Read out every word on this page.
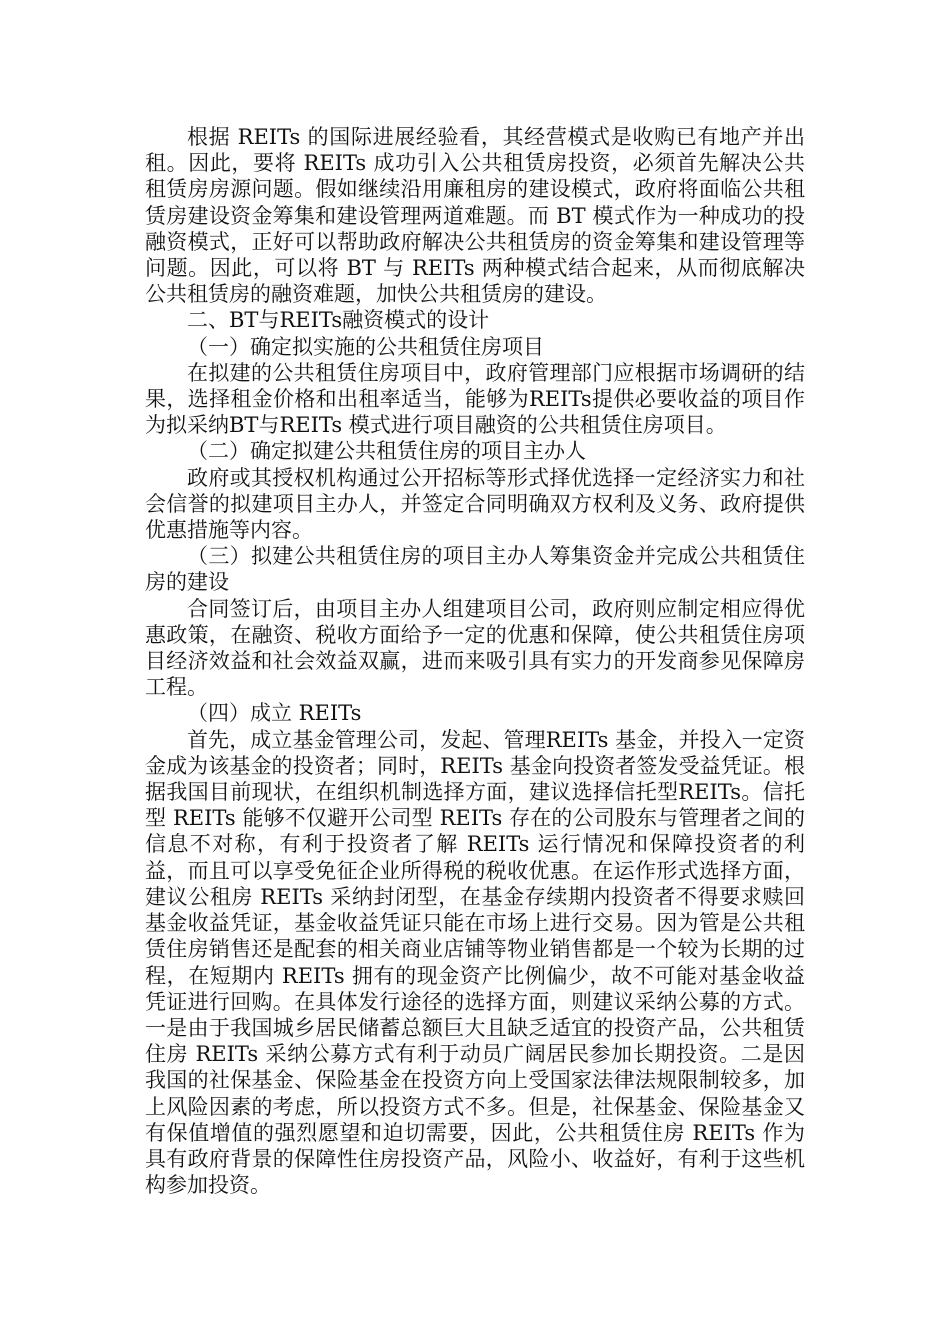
根据 REITs 的国际进展经验看，其经营模式是收购已有地产并出租。因此，要将 REITs 成功引入公共租赁房投资，必须首先解决公共租赁房房源问题。假如继续沿用廉租房的建设模式，政府将面临公共租赁房建设资金筹集和建设管理两道难题。而 BT 模式作为一种成功的投融资模式，正好可以帮助政府解决公共租赁房的资金筹集和建设管理等问题。因此，可以将 BT 与 REITs 两种模式结合起来，从而彻底解决公共租赁房的融资难题，加快公共租赁房的建设。

二、BT与REITs融资模式的设计

（一）确定拟实施的公共租赁住房项目

在拟建的公共租赁住房项目中，政府管理部门应根据市场调研的结果，选择租金价格和出租率适当，能够为REITs提供必要收益的项目作为拟采纳BT与REITs 模式进行项目融资的公共租赁住房项目。

（二）确定拟建公共租赁住房的项目主办人

政府或其授权机构通过公开招标等形式择优选择一定经济实力和社会信誉的拟建项目主办人，并签定合同明确双方权利及义务、政府提供优惠措施等内容。

（三）拟建公共租赁住房的项目主办人筹集资金并完成公共租赁住房的建设

合同签订后，由项目主办人组建项目公司，政府则应制定相应得优惠政策，在融资、税收方面给予一定的优惠和保障，使公共租赁住房项目经济效益和社会效益双赢，进而来吸引具有实力的开发商参见保障房工程。

（四）成立 REITs

首先，成立基金管理公司，发起、管理REITs 基金，并投入一定资金成为该基金的投资者；同时，REITs 基金向投资者签发受益凭证。根据我国目前现状，在组织机制选择方面，建议选择信托型REITs。信托型 REITs 能够不仅避开公司型 REITs 存在的公司股东与管理者之间的信息不对称，有利于投资者了解 REITs 运行情况和保障投资者的利益，而且可以享受免征企业所得税的税收优惠。在运作形式选择方面，建议公租房 REITs 采纳封闭型，在基金存续期内投资者不得要求赎回基金收益凭证，基金收益凭证只能在市场上进行交易。因为管是公共租赁住房销售还是配套的相关商业店铺等物业销售都是一个较为长期的过程，在短期内 REITs 拥有的现金资产比例偏少，故不可能对基金收益凭证进行回购。在具体发行途径的选择方面，则建议采纳公募的方式。一是由于我国城乡居民储蓄总额巨大且缺乏适宜的投资产品，公共租赁住房 REITs 采纳公募方式有利于动员广阔居民参加长期投资。二是因我国的社保基金、保险基金在投资方向上受国家法律法规限制较多，加上风险因素的考虑，所以投资方式不多。但是，社保基金、保险基金又有保值增值的强烈愿望和迫切需要，因此，公共租赁住房 REITs 作为具有政府背景的保障性住房投资产品，风险小、收益好，有利于这些机构参加投资。
